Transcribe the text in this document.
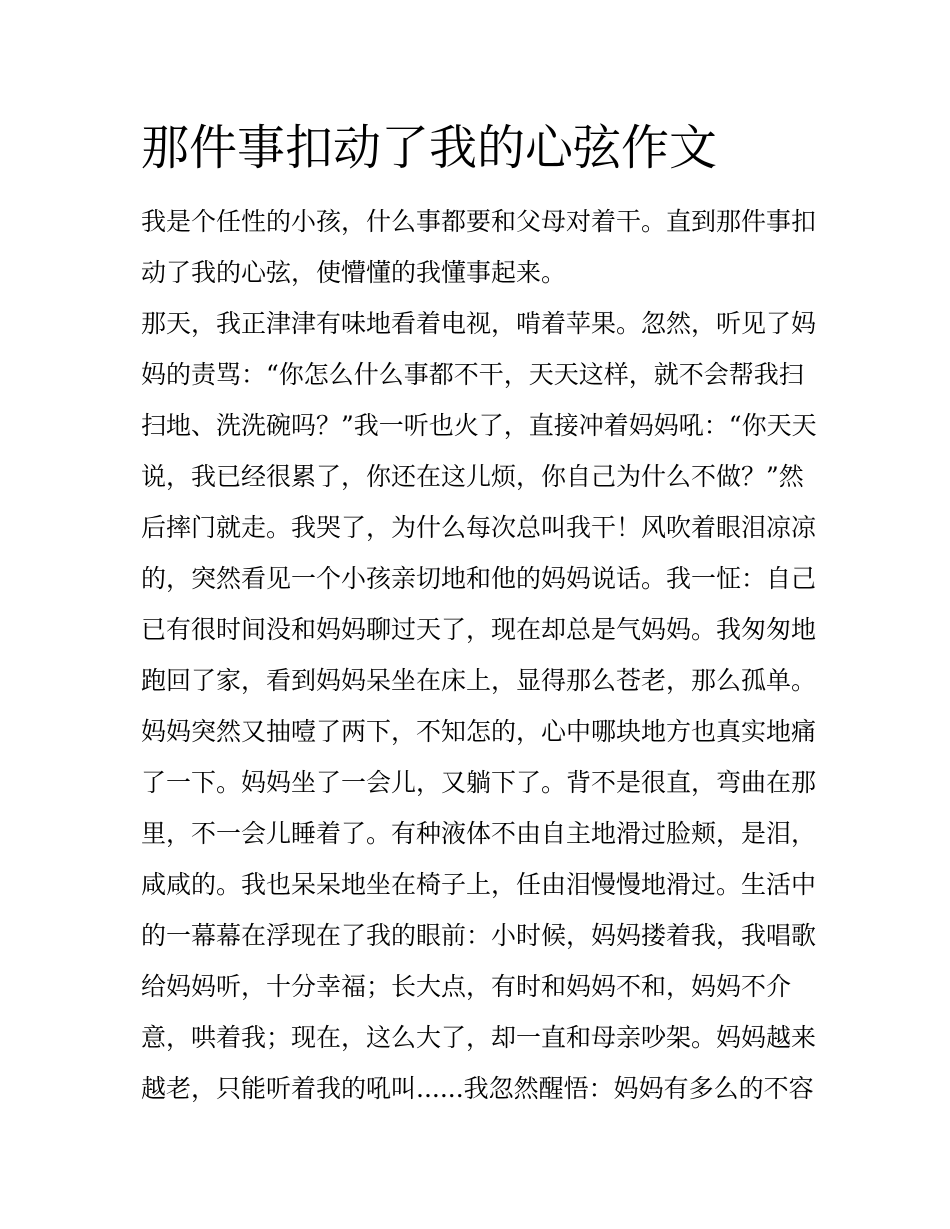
那件事扣动了我的心弦作文
我是个任性的小孩，什么事都要和父母对着干。直到那件事扣
动了我的心弦，使懵懂的我懂事起来。
那天，我正津津有味地看着电视，啃着苹果。忽然，听见了妈
妈的责骂：“你怎么什么事都不干，天天这样，就不会帮我扫
扫地、洗洗碗吗？”我一听也火了，直接冲着妈妈吼：“你天天
说，我已经很累了，你还在这儿烦，你自己为什么不做？”然
后摔门就走。我哭了，为什么每次总叫我干！风吹着眼泪凉凉
的，突然看见一个小孩亲切地和他的妈妈说话。我一怔：自己
已有很时间没和妈妈聊过天了，现在却总是气妈妈。我匆匆地
跑回了家，看到妈妈呆坐在床上，显得那么苍老，那么孤单。
妈妈突然又抽噎了两下，不知怎的，心中哪块地方也真实地痛
了一下。妈妈坐了一会儿，又躺下了。背不是很直，弯曲在那
里，不一会儿睡着了。有种液体不由自主地滑过脸颊，是泪，
咸咸的。我也呆呆地坐在椅子上，任由泪慢慢地滑过。生活中
的一幕幕在浮现在了我的眼前：小时候，妈妈搂着我，我唱歌
给妈妈听，十分幸福；长大点，有时和妈妈不和，妈妈不介
意，哄着我；现在，这么大了，却一直和母亲吵架。妈妈越来
越老，只能听着我的吼叫......我忽然醒悟：妈妈有多么的不容
